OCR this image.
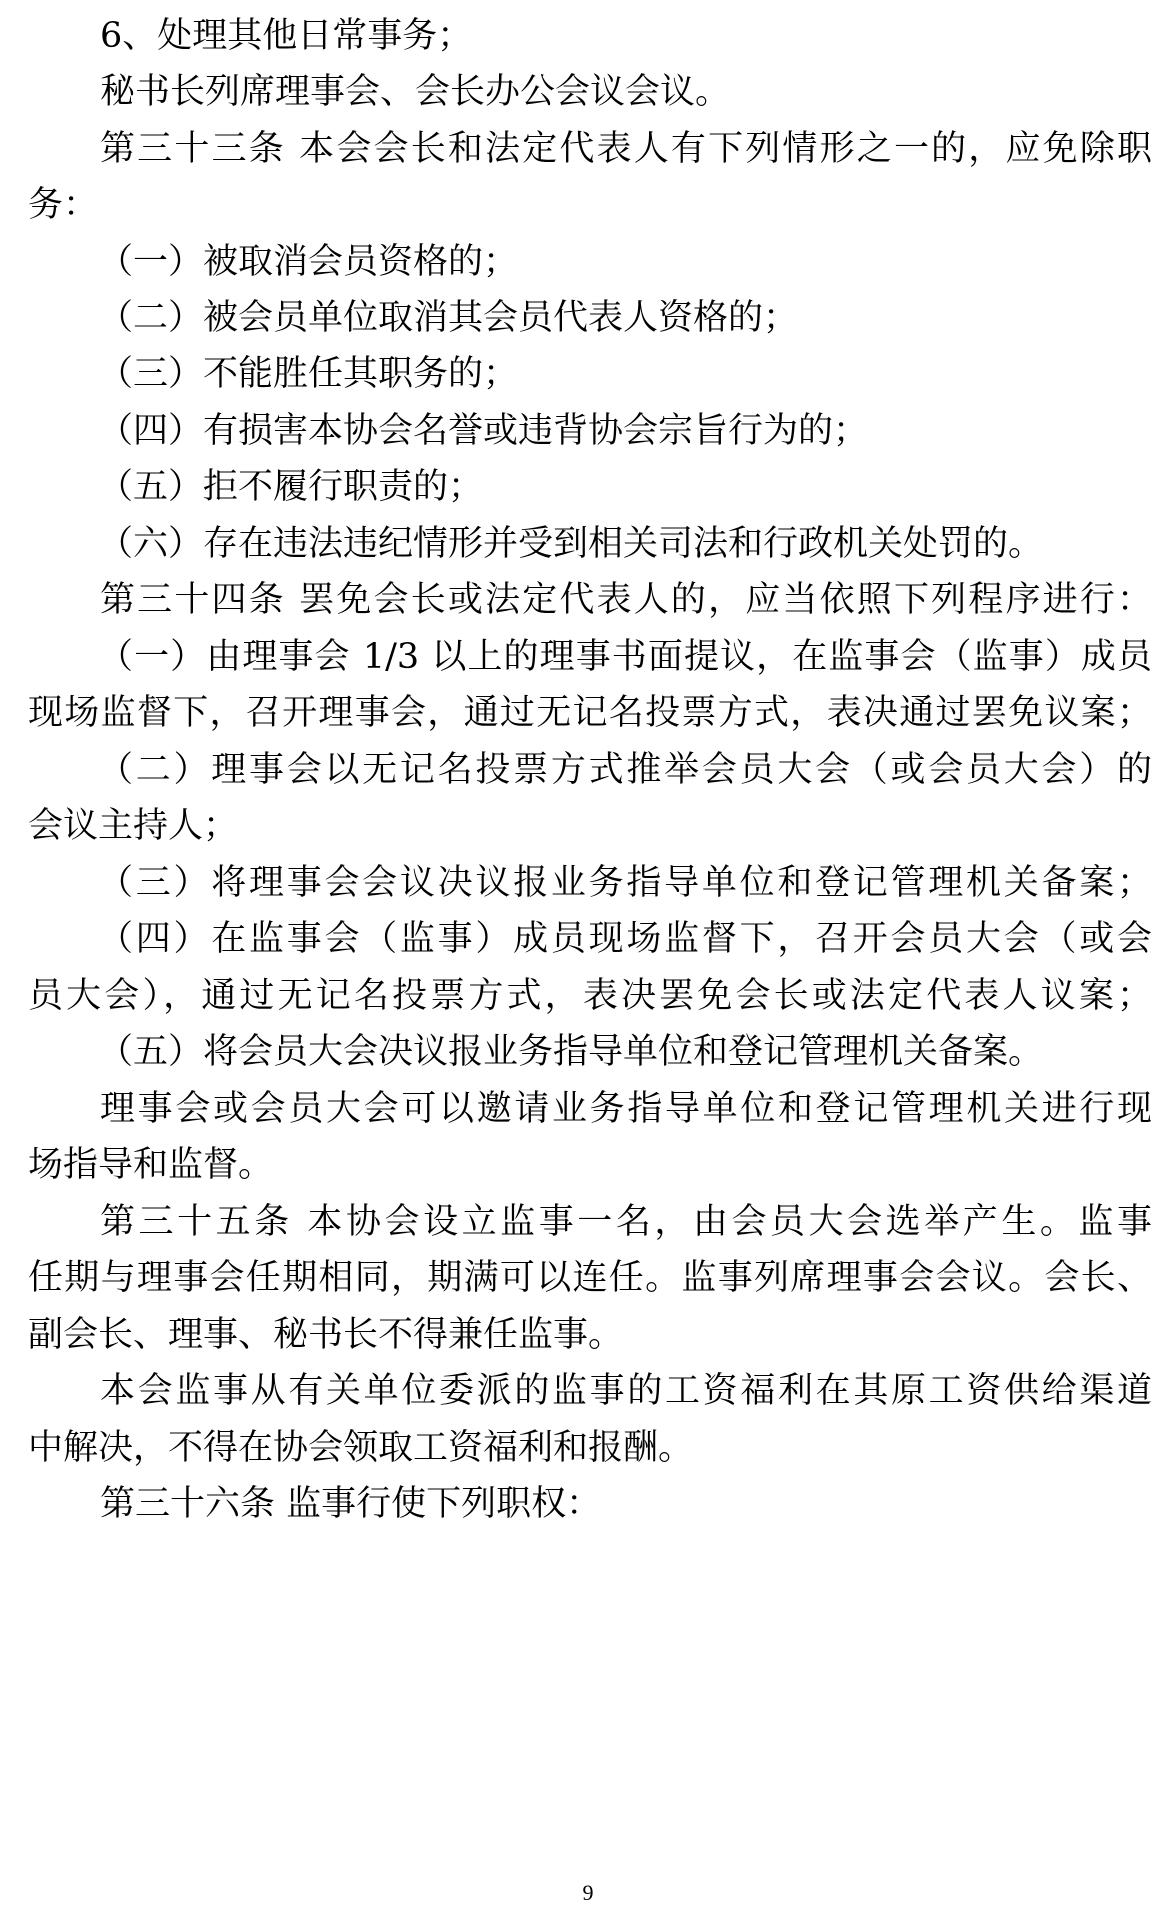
6、处理其他日常事务；
秘书长列席理事会、会长办公会议会议。
第三十三条 本会会长和法定代表人有下列情形之一的，应免除职
务：
（一）被取消会员资格的；
（二）被会员单位取消其会员代表人资格的；
（三）不能胜任其职务的；
（四）有损害本协会名誉或违背协会宗旨行为的；
（五）拒不履行职责的；
（六）存在违法违纪情形并受到相关司法和行政机关处罚的。
第三十四条 罢免会长或法定代表人的，应当依照下列程序进行：
（一）由理事会 1/3 以上的理事书面提议，在监事会（监事）成员
现场监督下，召开理事会，通过无记名投票方式，表决通过罢免议案；
（二）理事会以无记名投票方式推举会员大会（或会员大会）的
会议主持人；
（三）将理事会会议决议报业务指导单位和登记管理机关备案；
（四）在监事会（监事）成员现场监督下，召开会员大会（或会
员大会），通过无记名投票方式，表决罢免会长或法定代表人议案；
（五）将会员大会决议报业务指导单位和登记管理机关备案。
理事会或会员大会可以邀请业务指导单位和登记管理机关进行现
场指导和监督。
第三十五条 本协会设立监事一名，由会员大会选举产生。监事
任期与理事会任期相同，期满可以连任。监事列席理事会会议。会长、
副会长、理事、秘书长不得兼任监事。
本会监事从有关单位委派的监事的工资福利在其原工资供给渠道
中解决，不得在协会领取工资福利和报酬。
第三十六条 监事行使下列职权：
9
